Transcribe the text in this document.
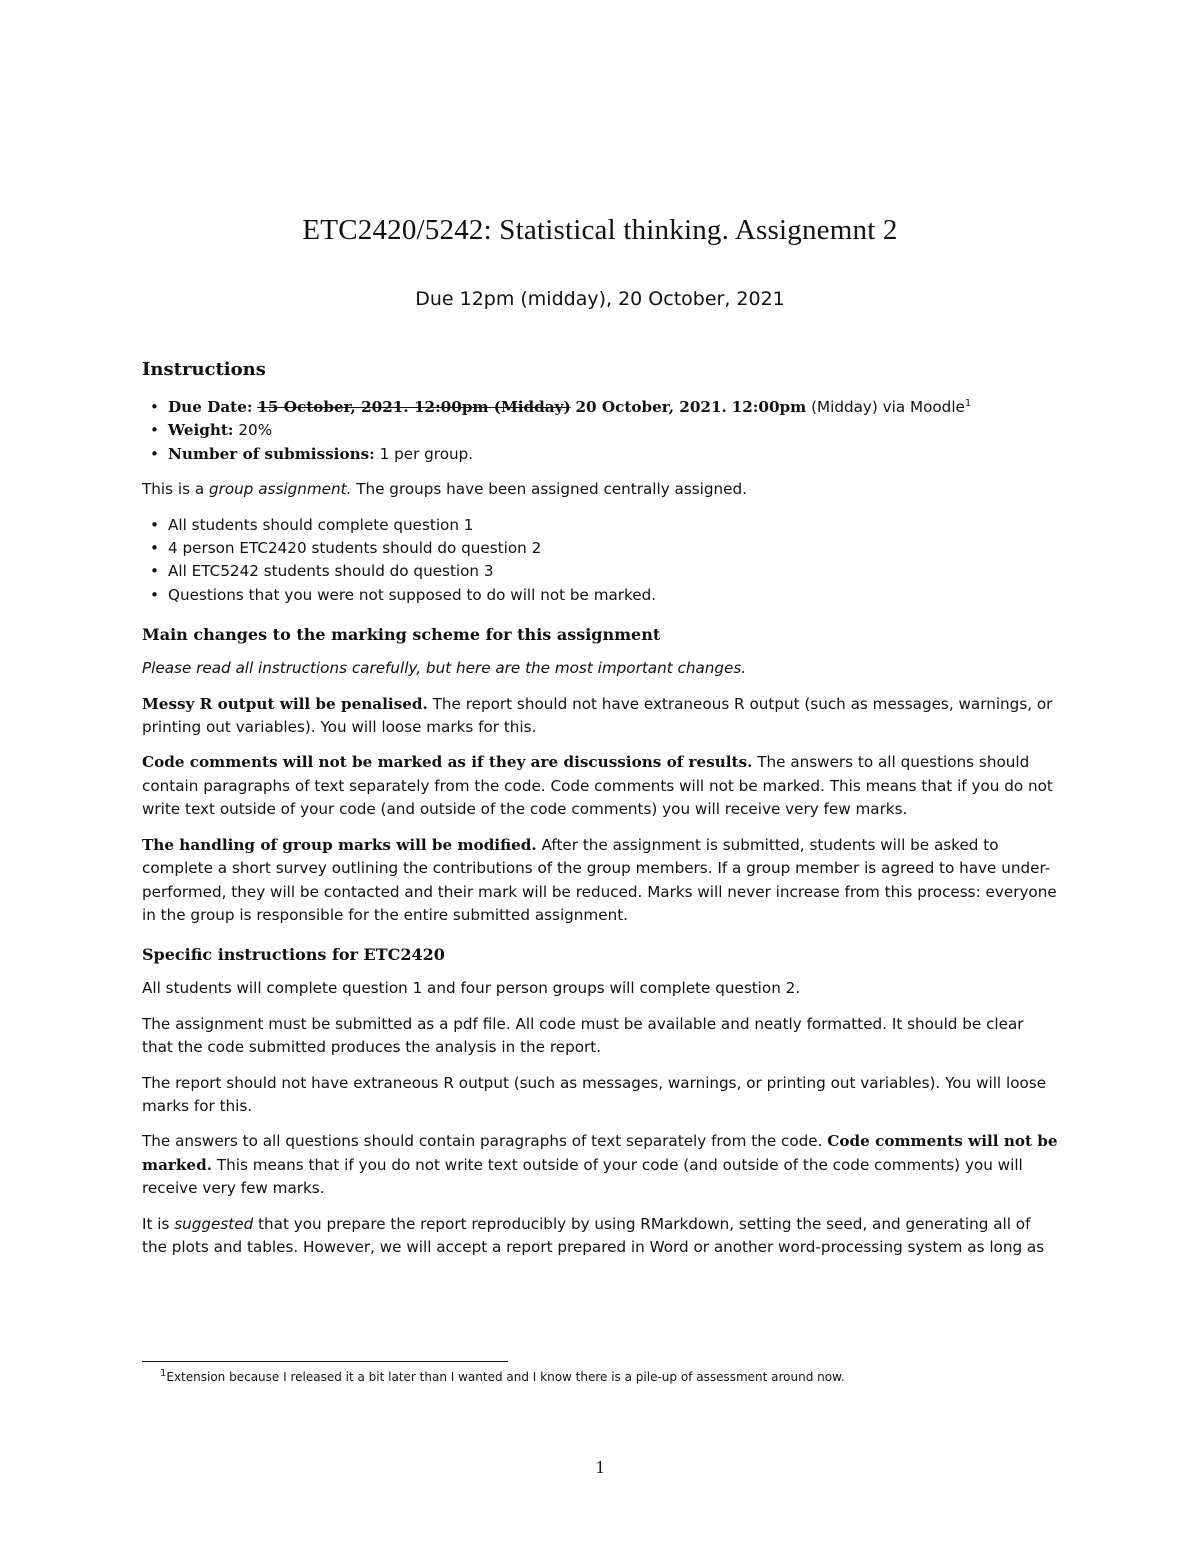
ETC2420/5242: Statistical thinking. Assignemnt 2
Due 12pm (midday), 20 October, 2021
Instructions
• Due Date: 15 October, 2021. 12:00pm (Midday) 20 October, 2021. 12:00pm (Midday) via Moodle$^1$
• Weight: 20%
• Number of submissions: 1 per group.

This is a group assignment. The groups have been assigned centrally assigned.

• All students should complete question 1
• 4 person ETC2420 students should do question 2
• All ETC5242 students should do question 3
• Questions that you were not supposed to do will not be marked.
Main changes to the marking scheme for this assignment

Please read all instructions carefully, but here are the most important changes.

Messy R output will be penalised. The report should not have extraneous R output (such as messages, warnings, or printing out variables). You will loose marks for this.

Code comments will not be marked as if they are discussions of results. The answers to all questions should contain paragraphs of text separately from the code. Code comments will not be marked. This means that if you do not write text outside of your code (and outside of the code comments) you will receive very few marks.

The handling of group marks will be modified. After the assignment is submitted, students will be asked to complete a short survey outlining the contributions of the group members. If a group member is agreed to have under-performed, they will be contacted and their mark will be reduced. Marks will never increase from this process: everyone in the group is responsible for the entire submitted assignment.

Specific instructions for ETC2420

All students will complete question 1 and four person groups will complete question 2.

The assignment must be submitted as a pdf file. All code must be available and neatly formatted. It should be clear that the code submitted produces the analysis in the report.

The report should not have extraneous R output (such as messages, warnings, or printing out variables). You will loose marks for this.

The answers to all questions should contain paragraphs of text separately from the code. Code comments will not be marked. This means that if you do not write text outside of your code (and outside of the code comments) you will receive very few marks.

It is suggested that you prepare the report reproducibly by using RMarkdown, setting the seed, and generating all of the plots and tables. However, we will accept a report prepared in Word or another word-processing system as long as

$^1$Extension because I released it a bit later than I wanted and I know there is a pile-up of assessment around now.
1
